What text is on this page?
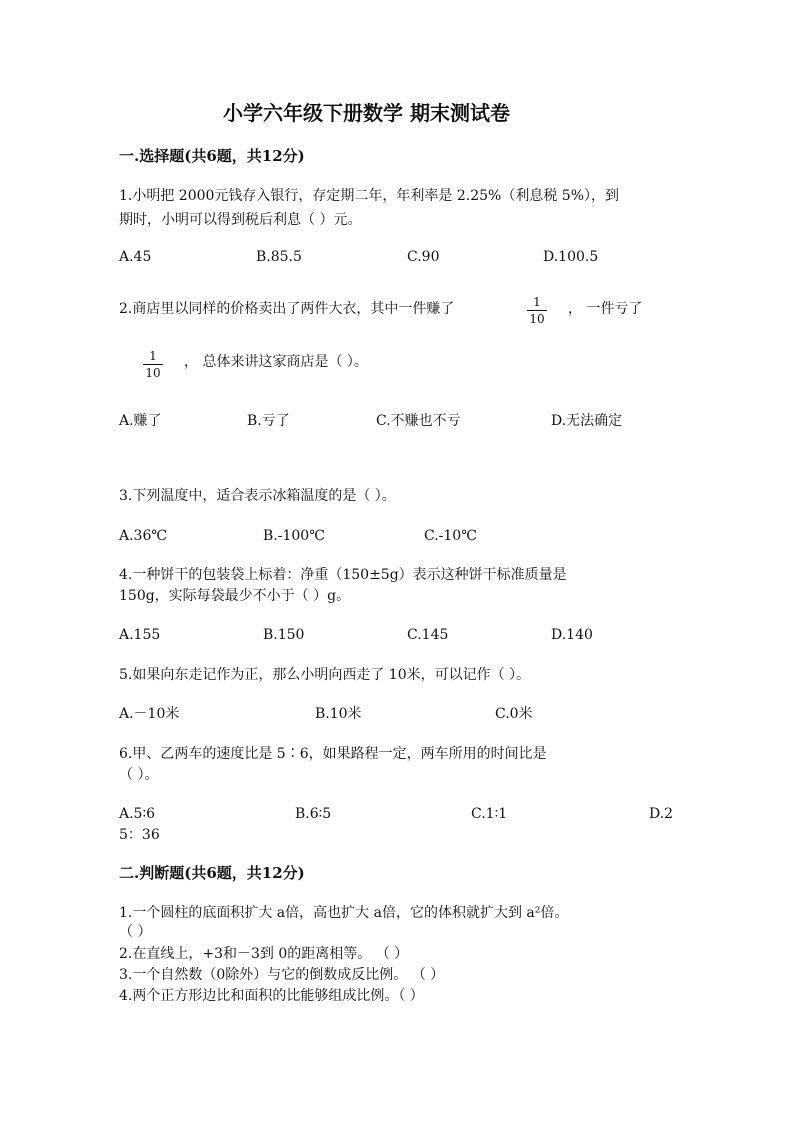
小学六年级下册数学 期末测试卷
一.选择题(共6题，共12分)
1.小明把 2000元钱存入银行，存定期二年，年利率是 2.25%（利息税 5%），到
期时，小明可以得到税后利息（ ）元。
A.45	B.85.5	C.90	D.100.5
2.商店里以同样的价格卖出了两件大衣，其中一件赚了	1
10
， 一件亏了
1
10
， 总体来讲这家商店是（ ）。
A.赚了	B.亏了	C.不赚也不亏	D.无法确定
3.下列温度中，适合表示冰箱温度的是（ ）。
A.36℃	B.-100℃	C.-10℃
4.一种饼干的包装袋上标着：净重（150±5g）表示这种饼干标准质量是
150g，实际每袋最少不小于（ ）g。
A.155	B.150	C.145	D.140
5.如果向东走记作为正，那么小明向西走了 10米，可以记作（ ）。
A.－10米	B.10米	C.0米
6.甲、乙两车的速度比是 5∶6，如果路程一定，两车所用的时间比是
（ ）。
A.5∶6	B.6∶5	C.1∶1	D.2
5：36
二.判断题(共6题，共12分)
1.一个圆柱的底面积扩大 a倍，高也扩大 a倍，它的体积就扩大到 a²倍。
（ ）
2.在直线上，+3和－3到 0的距离相等。 （ ）
3.一个自然数（0除外）与它的倒数成反比例。 （ ）
4.两个正方形边比和面积的比能够组成比例。（ ）
